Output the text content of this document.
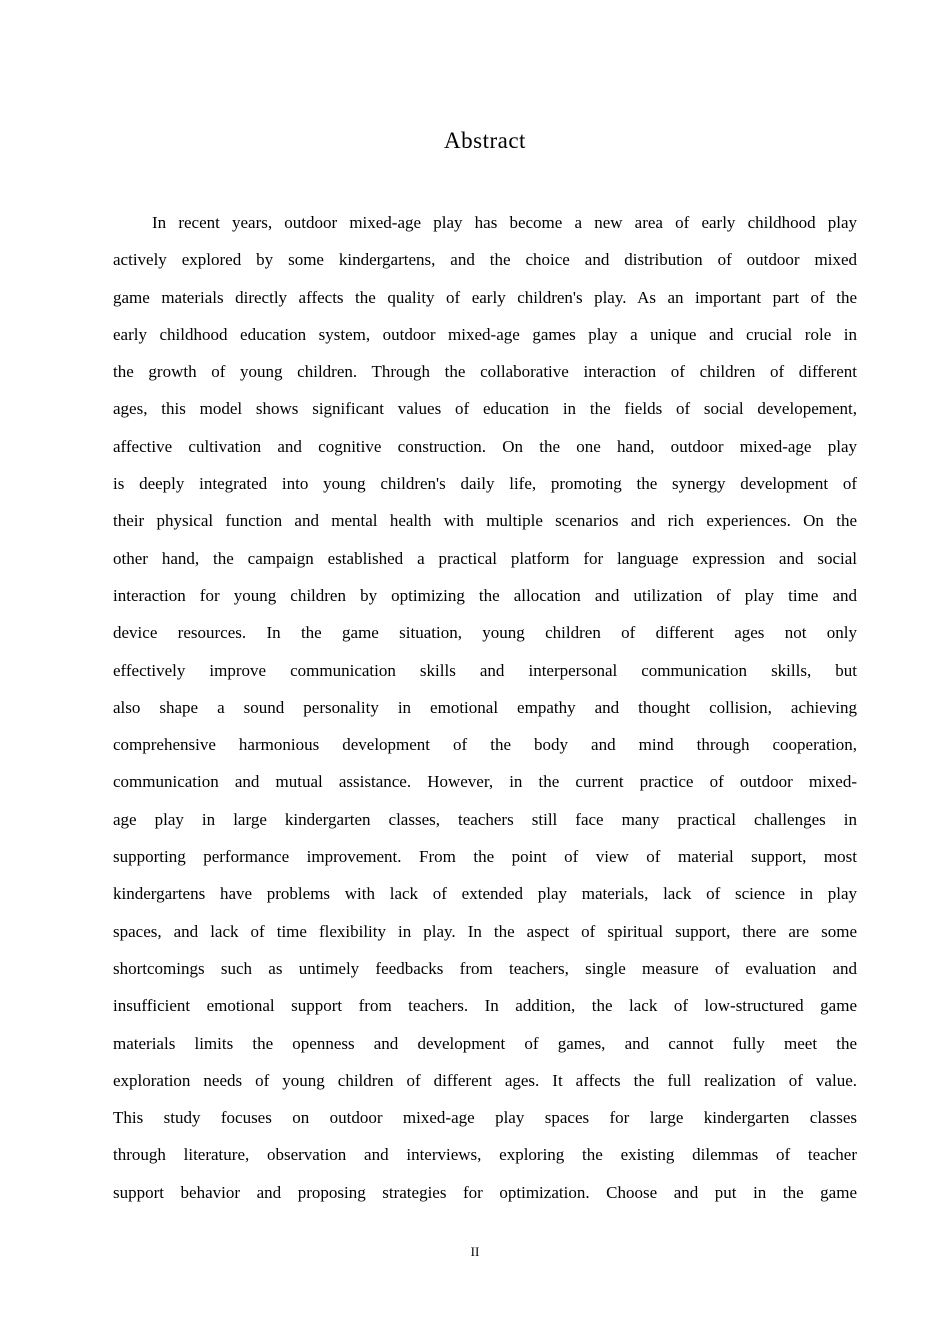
Abstract
In recent years, outdoor mixed-age play has become a new area of early childhood play
actively explored by some kindergartens, and the choice and distribution of outdoor mixed
game materials directly affects the quality of early children's play. As an important part of the
early childhood education system, outdoor mixed-age games play a unique and crucial role in
the growth of young children. Through the collaborative interaction of children of different
ages, this model shows significant values of education in the fields of social developement,
affective cultivation and cognitive construction. On the one hand, outdoor mixed-age play
is deeply integrated into young children's daily life, promoting the synergy development of
their physical function and mental health with multiple scenarios and rich experiences. On the
other hand, the campaign established a practical platform for language expression and social
interaction for young children by optimizing the allocation and utilization of play time and
device resources. In the game situation, young children of different ages not only
effectively improve communication skills and interpersonal communication skills, but
also shape a sound personality in emotional empathy and thought collision, achieving
comprehensive harmonious development of the body and mind through cooperation,
communication and mutual assistance. However, in the current practice of outdoor mixed-
age play in large kindergarten classes, teachers still face many practical challenges in
supporting performance improvement. From the point of view of material support, most
kindergartens have problems with lack of extended play materials, lack of science in play
spaces, and lack of time flexibility in play. In the aspect of spiritual support, there are some
shortcomings such as untimely feedbacks from teachers, single measure of evaluation and
insufficient emotional support from teachers. In addition, the lack of low-structured game
materials limits the openness and development of games, and cannot fully meet the
exploration needs of young children of different ages. It affects the full realization of value.
This study focuses on outdoor mixed-age play spaces for large kindergarten classes
through literature, observation and interviews, exploring the existing dilemmas of teacher
support behavior and proposing strategies for optimization. Choose and put in the game
II
